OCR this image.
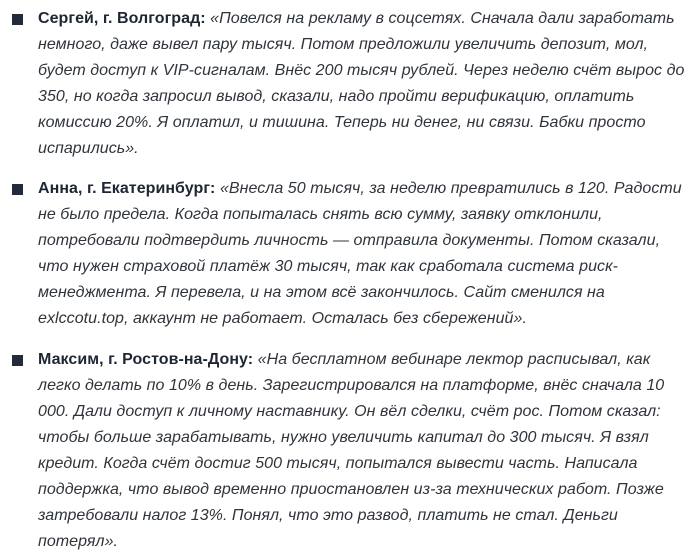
Сергей, г. Волгоград: «Повелся на рекламу в соцсетях. Сначала дали заработать немного, даже вывел пару тысяч. Потом предложили увеличить депозит, мол, будет доступ к VIP-сигналам. Внёс 200 тысяч рублей. Через неделю счёт вырос до 350, но когда запросил вывод, сказали, надо пройти верификацию, оплатить комиссию 20%. Я оплатил, и тишина. Теперь ни денег, ни связи. Бабки просто испарились».
Анна, г. Екатеринбург: «Внесла 50 тысяч, за неделю превратились в 120. Радости не было предела. Когда попыталась снять всю сумму, заявку отклонили, потребовали подтвердить личность — отправила документы. Потом сказали, что нужен страховой платёж 30 тысяч, так как сработала система риск-менеджмента. Я перевела, и на этом всё закончилось. Сайт сменился на exlccotu.top, аккаунт не работает. Осталась без сбережений».
Максим, г. Ростов-на-Дону: «На бесплатном вебинаре лектор расписывал, как легко делать по 10% в день. Зарегистрировался на платформе, внёс сначала 10 000. Дали доступ к личному наставнику. Он вёл сделки, счёт рос. Потом сказал: чтобы больше зарабатывать, нужно увеличить капитал до 300 тысяч. Я взял кредит. Когда счёт достиг 500 тысяч, попытался вывести часть. Написала поддержка, что вывод временно приостановлен из-за технических работ. Позже затребовали налог 13%. Понял, что это развод, платить не стал. Деньги потерял».
